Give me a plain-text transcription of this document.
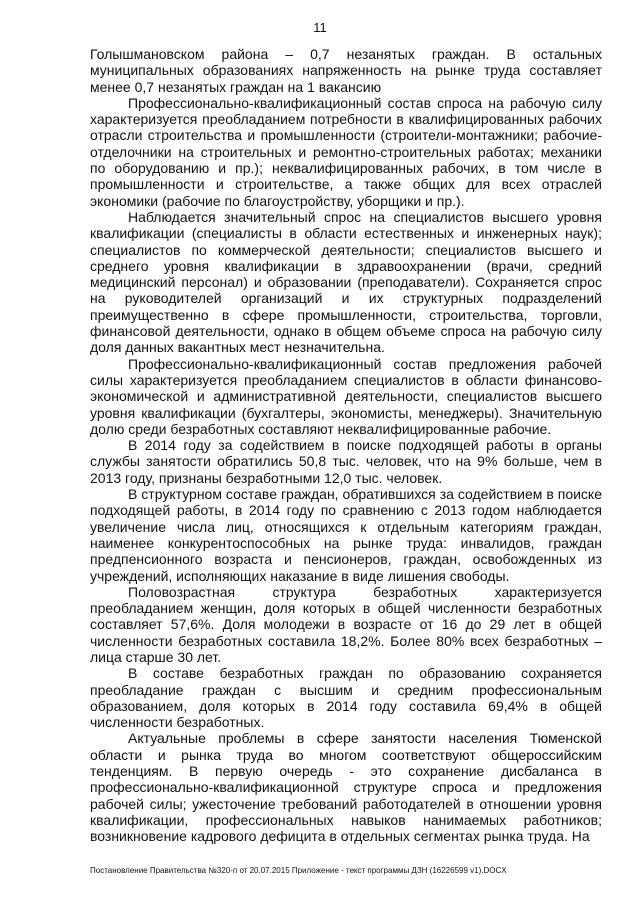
11

Голышмановском района – 0,7 незанятых граждан. В остальных муниципальных образованиях напряженность на рынке труда составляет менее 0,7 незанятых граждан на 1 вакансию

Профессионально-квалификационный состав спроса на рабочую силу характеризуется преобладанием потребности в квалифицированных рабочих отрасли строительства и промышленности (строители-монтажники; рабочие-отделочники на строительных и ремонтно-строительных работах; механики по оборудованию и пр.); неквалифицированных рабочих, в том числе в промышленности и строительстве, а также общих для всех отраслей экономики (рабочие по благоустройству, уборщики и пр.).

Наблюдается значительный спрос на специалистов высшего уровня квалификации (специалисты в области естественных и инженерных наук); специалистов по коммерческой деятельности; специалистов высшего и среднего уровня квалификации в здравоохранении (врачи, средний медицинский персонал) и образовании (преподаватели). Сохраняется спрос на руководителей организаций и их структурных подразделений преимущественно в сфере промышленности, строительства, торговли, финансовой деятельности, однако в общем объеме спроса на рабочую силу доля данных вакантных мест незначительна.

Профессионально-квалификационный состав предложения рабочей силы характеризуется преобладанием специалистов в области финансово-экономической и административной деятельности, специалистов высшего уровня квалификации (бухгалтеры, экономисты, менеджеры). Значительную долю среди безработных составляют неквалифицированные рабочие.

В 2014 году за содействием в поиске подходящей работы в органы службы занятости обратились 50,8 тыс. человек, что на 9% больше, чем в 2013 году, признаны безработными 12,0 тыс. человек.

В структурном составе граждан, обратившихся за содействием в поиске подходящей работы, в 2014 году по сравнению с 2013 годом наблюдается увеличение числа лиц, относящихся к отдельным категориям граждан, наименее конкурентоспособных на рынке труда: инвалидов, граждан предпенсионного возраста и пенсионеров, граждан, освобожденных из учреждений, исполняющих наказание в виде лишения свободы.

Половозрастная структура безработных характеризуется преобладанием женщин, доля которых в общей численности безработных составляет 57,6%. Доля молодежи в возрасте от 16 до 29 лет в общей численности безработных составила 18,2%. Более 80% всех безработных – лица старше 30 лет.

В составе безработных граждан по образованию сохраняется преобладание граждан с высшим и средним профессиональным образованием, доля которых в 2014 году составила 69,4% в общей численности безработных.

Актуальные проблемы в сфере занятости населения Тюменской области и рынка труда во многом соответствуют общероссийским тенденциям. В первую очередь - это сохранение дисбаланса в профессионально-квалификационной структуре спроса и предложения рабочей силы; ужесточение требований работодателей в отношении уровня квалификации, профессиональных навыков нанимаемых работников; возникновение кадрового дефицита в отдельных сегментах рынка труда. На

Постановление Правительства №320-п от 20.07.2015 Приложение - текст программы ДЗН (16226599 v1).DOCX
